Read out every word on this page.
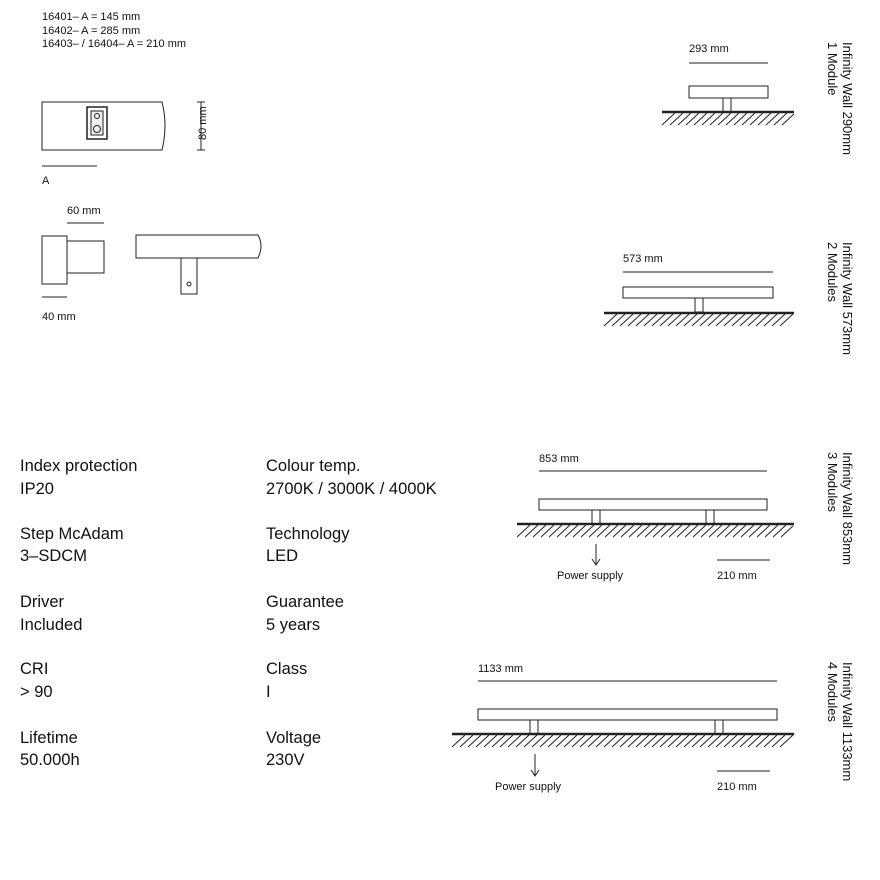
16401– A = 145 mm
16402– A = 285 mm
16403– / 16404– A = 210 mm
80 mm
A
60 mm
40 mm
293 mm
573 mm
853 mm
Power supply	210 mm
1133 mm
Power supply	210 mm
Infinity Wall 290mm
1 Module
Infinity Wall 573mm
2 Modules
Infinity Wall 853mm
3 Modules
Infinity Wall 1133mm
4 Modules
Index protection
IP20
Colour temp.
2700K / 3000K / 4000K
Step McAdam
3–SDCM
Technology
LED
Driver
Included
Guarantee
5 years
CRI
> 90
Class
I
Lifetime
50.000h
Voltage
230V
